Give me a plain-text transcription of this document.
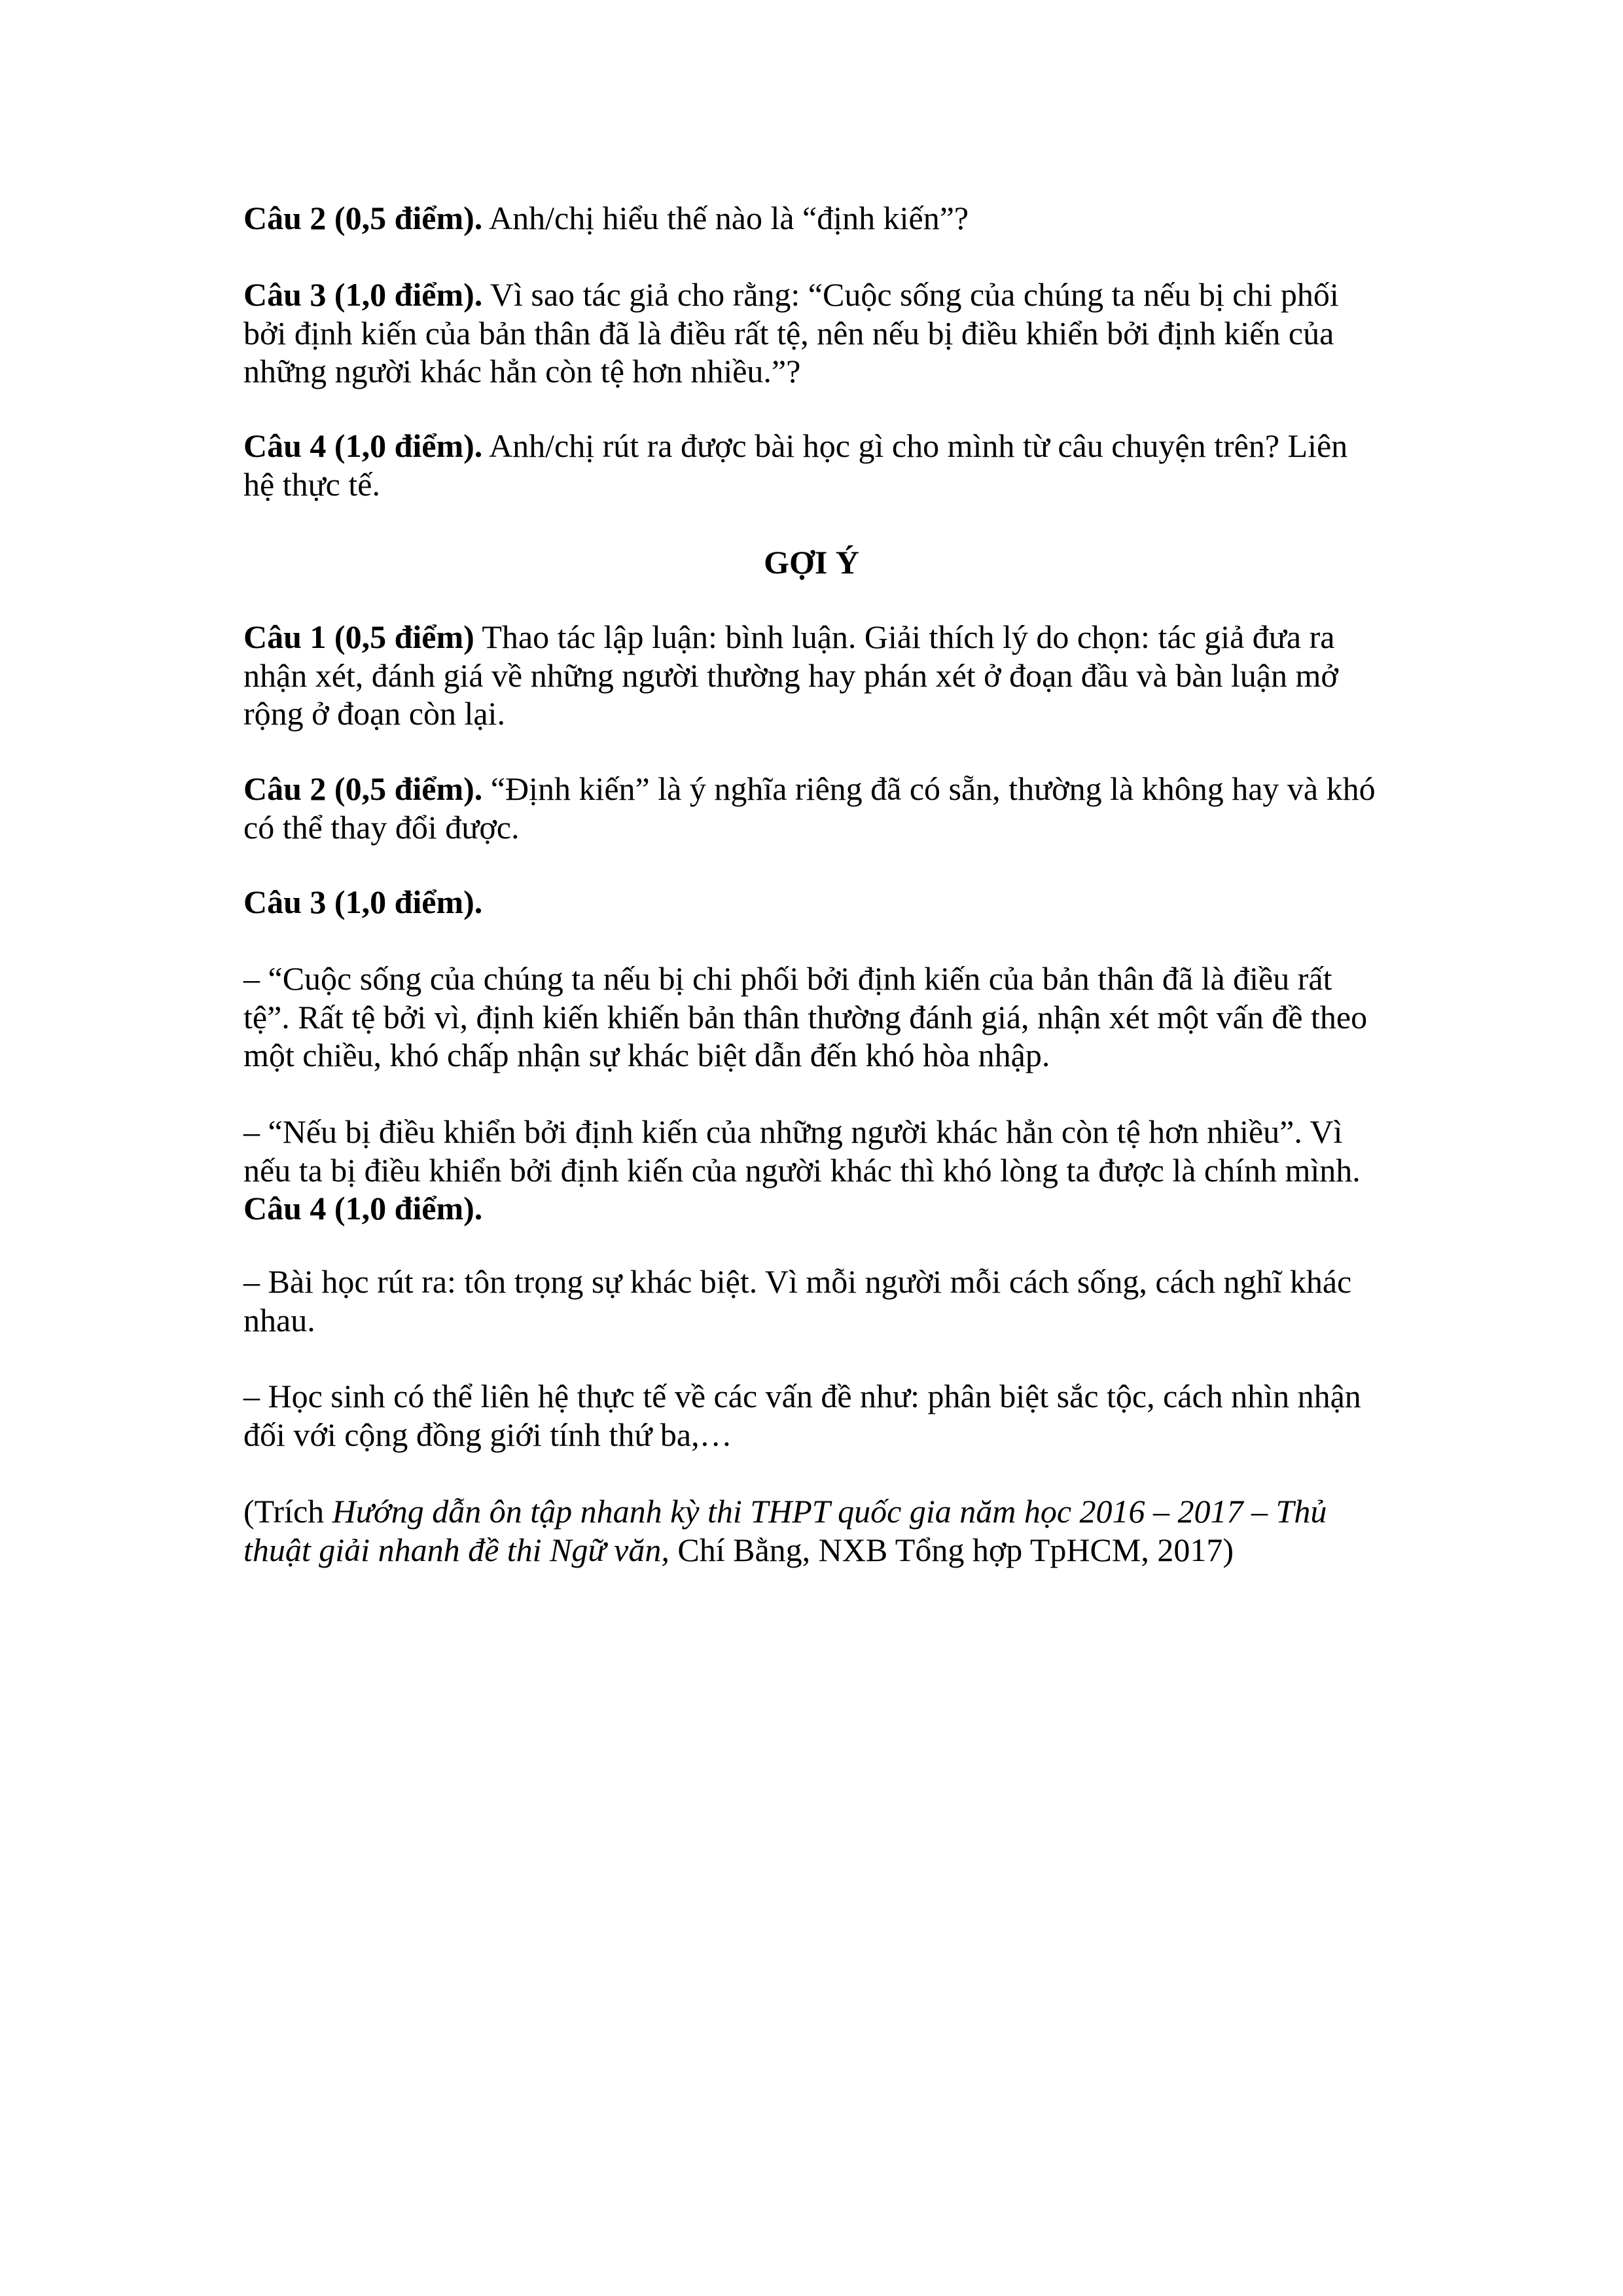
Câu 2 (0,5 điểm). Anh/chị hiểu thế nào là “định kiến”?
Câu 3 (1,0 điểm). Vì sao tác giả cho rằng: “Cuộc sống của chúng ta nếu bị chi phối
bởi định kiến của bản thân đã là điều rất tệ, nên nếu bị điều khiển bởi định kiến của
những người khác hẳn còn tệ hơn nhiều.”?
Câu 4 (1,0 điểm). Anh/chị rút ra được bài học gì cho mình từ câu chuyện trên? Liên
hệ thực tế.
GỢI Ý
Câu 1 (0,5 điểm) Thao tác lập luận: bình luận. Giải thích lý do chọn: tác giả đưa ra
nhận xét, đánh giá về những người thường hay phán xét ở đoạn đầu và bàn luận mở
rộng ở đoạn còn lại.
Câu 2 (0,5 điểm). “Định kiến” là ý nghĩa riêng đã có sẵn, thường là không hay và khó
có thể thay đổi được.
Câu 3 (1,0 điểm).
– “Cuộc sống của chúng ta nếu bị chi phối bởi định kiến của bản thân đã là điều rất
tệ”. Rất tệ bởi vì, định kiến khiến bản thân thường đánh giá, nhận xét một vấn đề theo
một chiều, khó chấp nhận sự khác biệt dẫn đến khó hòa nhập.
– “Nếu bị điều khiển bởi định kiến của những người khác hẳn còn tệ hơn nhiều”. Vì
nếu ta bị điều khiển bởi định kiến của người khác thì khó lòng ta được là chính mình.
Câu 4 (1,0 điểm).
– Bài học rút ra: tôn trọng sự khác biệt. Vì mỗi người mỗi cách sống, cách nghĩ khác
nhau.
– Học sinh có thể liên hệ thực tế về các vấn đề như: phân biệt sắc tộc, cách nhìn nhận
đối với cộng đồng giới tính thứ ba,…
(Trích Hướng dẫn ôn tập nhanh kỳ thi THPT quốc gia năm học 2016 – 2017 – Thủ
thuật giải nhanh đề thi Ngữ văn, Chí Bằng, NXB Tổng hợp TpHCM, 2017)
